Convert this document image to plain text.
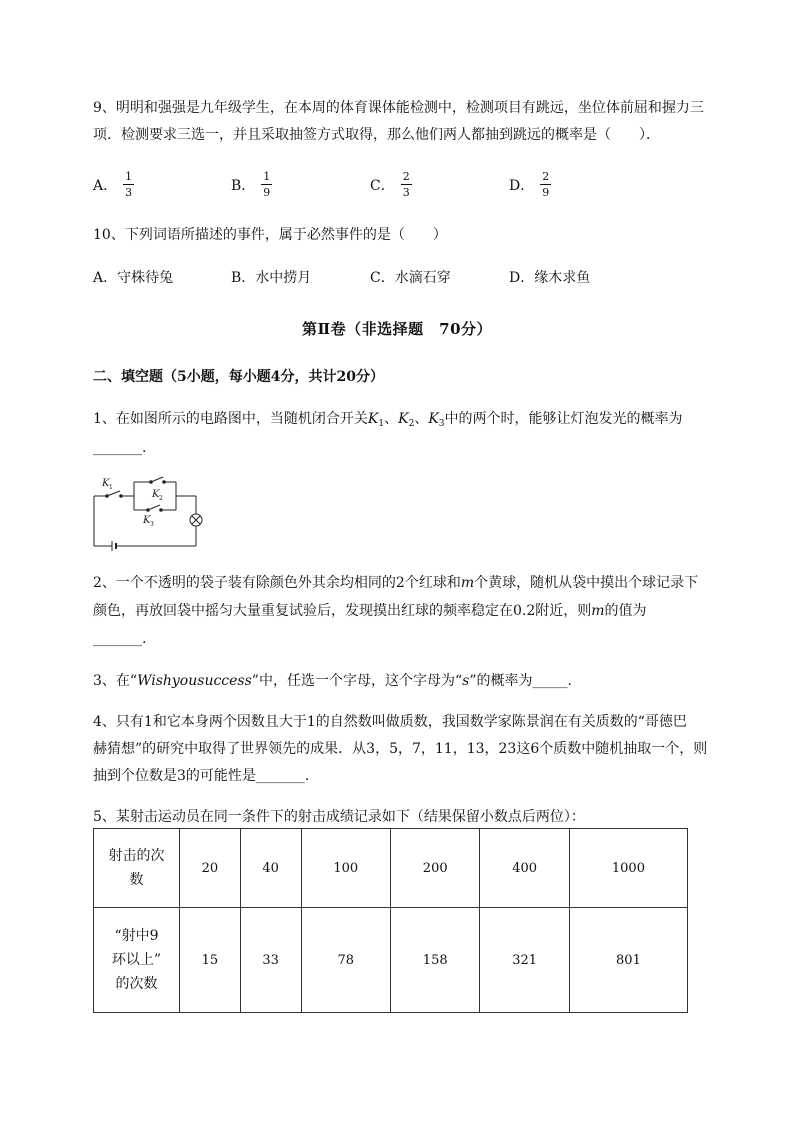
9、明明和强强是九年级学生，在本周的体育课体能检测中，检测项目有跳远，坐位体前屈和握力三
项．检测要求三选一，并且采取抽签方式取得，那么他们两人都抽到跳远的概率是（　　）．
A． $\frac{1}{3}$	B． $\frac{1}{9}$	C． $\frac{2}{3}$	D． $\frac{2}{9}$
10、下列词语所描述的事件，属于必然事件的是（　　）
A．守株待兔	B．水中捞月	C．水滴石穿	D．缘木求鱼
第Ⅱ卷（非选择题　70分）
二、填空题（5小题，每小题4分，共计20分）
1、在如图所示的电路图中，当随机闭合开关$K_1$、$K_2$、$K_3$中的两个时，能够让灯泡发光的概率为
_______.
K 1
K 2
K 3
2、一个不透明的袋子装有除颜色外其余均相同的2个红球和m个黄球，随机从袋中摸出个球记录下
颜色，再放回袋中摇匀大量重复试验后，发现摸出红球的频率稳定在0.2附近，则m的值为
_______.
3、在“Wishyousuccess”中，任选一个字母，这个字母为“s”的概率为_____.
4、只有1和它本身两个因数且大于1的自然数叫做质数，我国数学家陈景润在有关质数的“哥德巴
赫猜想”的研究中取得了世界领先的成果．从3，5，7，11，13，23这6个质数中随机抽取一个，则
抽到个位数是3的可能性是_______.
5、某射击运动员在同一条件下的射击成绩记录如下（结果保留小数点后两位）：
射击的次
数	20	40	100	200	400	1000

“射中9
环以上”
的次数	15	33	78	158	321	801
